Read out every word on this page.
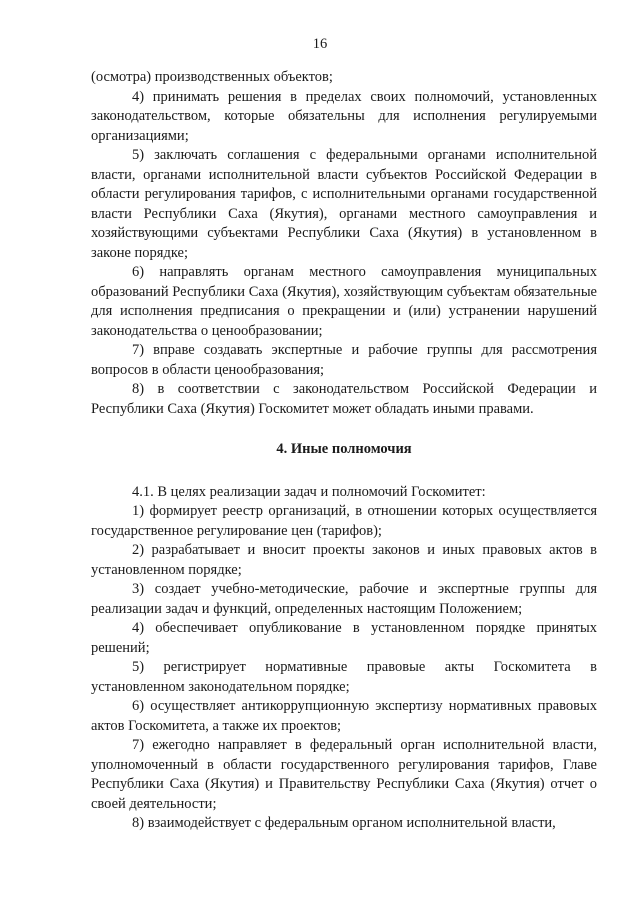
16

(осмотра) производственных объектов;

4) принимать решения в пределах своих полномочий, установленных законодательством, которые обязательны для исполнения регулируемыми организациями;

5) заключать соглашения с федеральными органами исполнительной власти, органами исполнительной власти субъектов Российской Федерации в области регулирования тарифов, с исполнительными органами государственной власти Республики Саха (Якутия), органами местного самоуправления и хозяйствующими субъектами Республики Саха (Якутия) в установленном в законе порядке;

6) направлять органам местного самоуправления муниципальных образований Республики Саха (Якутия), хозяйствующим субъектам обязательные для исполнения предписания о прекращении и (или) устранении нарушений законодательства о ценообразовании;

7) вправе создавать экспертные и рабочие группы для рассмотрения вопросов в области ценообразования;

8) в соответствии с законодательством Российской Федерации и Республики Саха (Якутия) Госкомитет может обладать иными правами.

4. Иные полномочия

4.1. В целях реализации задач и полномочий Госкомитет:

1) формирует реестр организаций, в отношении которых осуществляется государственное регулирование цен (тарифов);

2) разрабатывает и вносит проекты законов и иных правовых актов в установленном порядке;

3) создает учебно-методические, рабочие и экспертные группы для реализации задач и функций, определенных настоящим Положением;

4) обеспечивает опубликование в установленном порядке принятых решений;

5) регистрирует нормативные правовые акты Госкомитета в установленном законодательном порядке;

6) осуществляет антикоррупционную экспертизу нормативных правовых актов Госкомитета, а также их проектов;

7) ежегодно направляет в федеральный орган исполнительной власти, уполномоченный в области государственного регулирования тарифов, Главе Республики Саха (Якутия) и Правительству Республики Саха (Якутия) отчет о своей деятельности;

8) взаимодействует с федеральным органом исполнительной власти,
